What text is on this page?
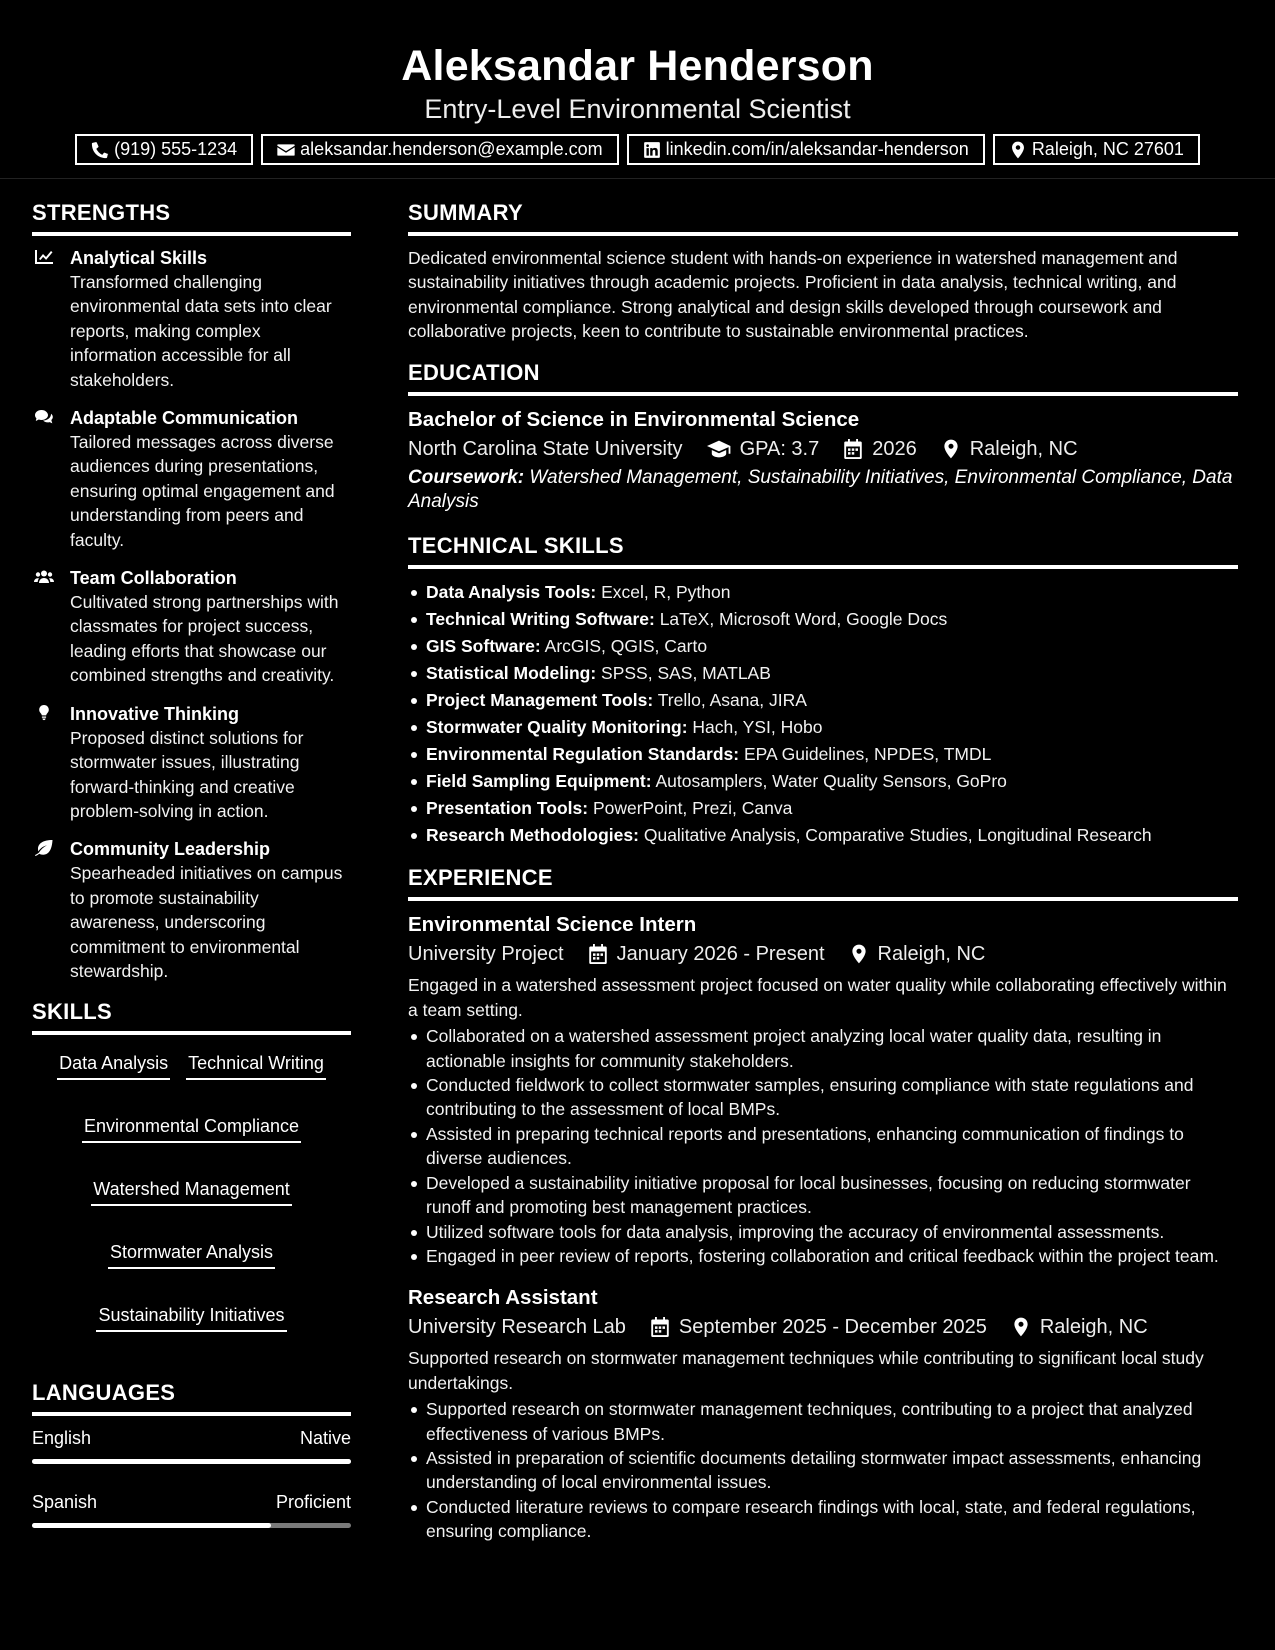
Aleksandar Henderson
Entry-Level Environmental Scientist
(919) 555-1234	aleksandar.henderson@example.com	linkedin.com/in/aleksandar-henderson	Raleigh, NC 27601
STRENGTHS
Analytical Skills
Transformed challenging environmental data sets into clear reports, making complex information accessible for all stakeholders.
Adaptable Communication
Tailored messages across diverse audiences during presentations, ensuring optimal engagement and understanding from peers and faculty.
Team Collaboration
Cultivated strong partnerships with classmates for project success, leading efforts that showcase our combined strengths and creativity.
Innovative Thinking
Proposed distinct solutions for stormwater issues, illustrating forward-thinking and creative problem-solving in action.
Community Leadership
Spearheaded initiatives on campus to promote sustainability awareness, underscoring commitment to environmental stewardship.
SKILLS
Data Analysis Technical Writing
Environmental Compliance
Watershed Management
Stormwater Analysis
Sustainability Initiatives
LANGUAGES
English	Native
Spanish	Proficient
SUMMARY
Dedicated environmental science student with hands-on experience in watershed management and sustainability initiatives through academic projects. Proficient in data analysis, technical writing, and environmental compliance. Strong analytical and design skills developed through coursework and collaborative projects, keen to contribute to sustainable environmental practices.
EDUCATION
Bachelor of Science in Environmental Science
North Carolina State University	GPA: 3.7	2026	Raleigh, NC
Coursework: Watershed Management, Sustainability Initiatives, Environmental Compliance, Data Analysis
TECHNICAL SKILLS
Data Analysis Tools: Excel, R, Python
Technical Writing Software: LaTeX, Microsoft Word, Google Docs
GIS Software: ArcGIS, QGIS, Carto
Statistical Modeling: SPSS, SAS, MATLAB
Project Management Tools: Trello, Asana, JIRA
Stormwater Quality Monitoring: Hach, YSI, Hobo
Environmental Regulation Standards: EPA Guidelines, NPDES, TMDL
Field Sampling Equipment: Autosamplers, Water Quality Sensors, GoPro
Presentation Tools: PowerPoint, Prezi, Canva
Research Methodologies: Qualitative Analysis, Comparative Studies, Longitudinal Research
EXPERIENCE
Environmental Science Intern
University Project	January 2026 - Present	Raleigh, NC
Engaged in a watershed assessment project focused on water quality while collaborating effectively within a team setting.
Collaborated on a watershed assessment project analyzing local water quality data, resulting in actionable insights for community stakeholders.
Conducted fieldwork to collect stormwater samples, ensuring compliance with state regulations and contributing to the assessment of local BMPs.
Assisted in preparing technical reports and presentations, enhancing communication of findings to diverse audiences.
Developed a sustainability initiative proposal for local businesses, focusing on reducing stormwater runoff and promoting best management practices.
Utilized software tools for data analysis, improving the accuracy of environmental assessments.
Engaged in peer review of reports, fostering collaboration and critical feedback within the project team.
Research Assistant
University Research Lab	September 2025 - December 2025	Raleigh, NC
Supported research on stormwater management techniques while contributing to significant local study undertakings.
Supported research on stormwater management techniques, contributing to a project that analyzed effectiveness of various BMPs.
Assisted in preparation of scientific documents detailing stormwater impact assessments, enhancing understanding of local environmental issues.
Conducted literature reviews to compare research findings with local, state, and federal regulations, ensuring compliance.
